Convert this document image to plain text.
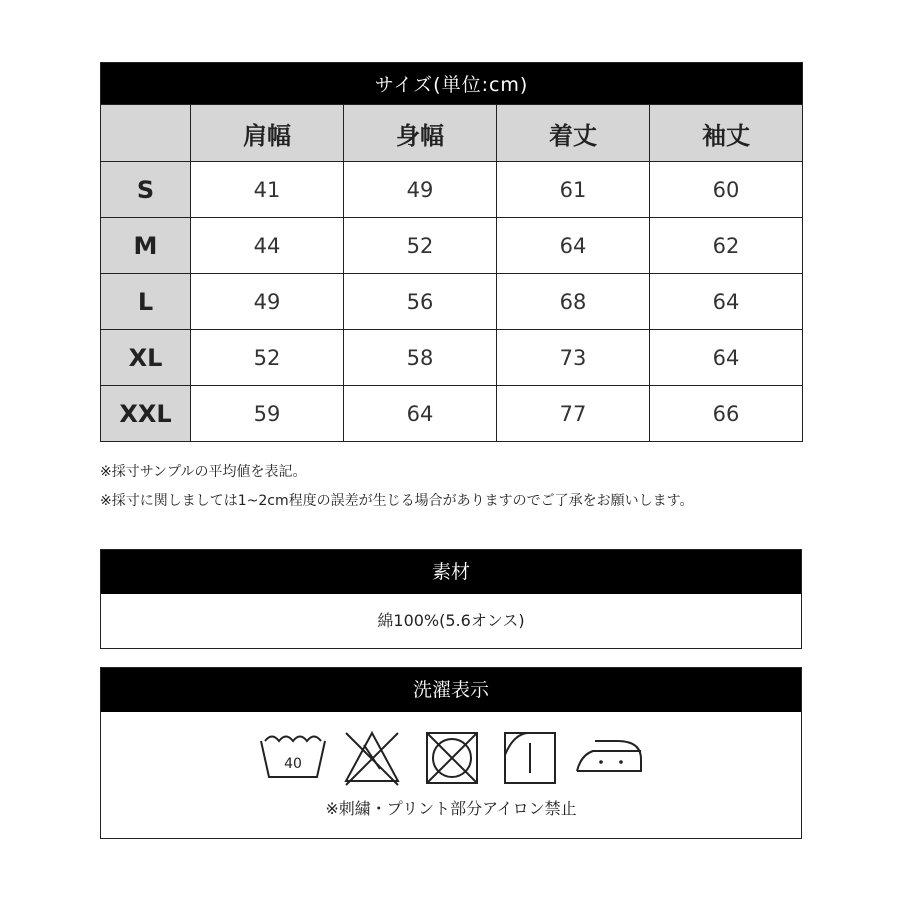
サイズ(単位:cm)				
	肩幅	身幅	着丈	袖丈
S	41	49	61	60
M	44	52	64	62
L	49	56	68	64
XL	52	58	73	64
XXL	59	64	77	66
※採寸サンプルの平均値を表記。
※採寸に関しましては1~2cm程度の誤差が生じる場合がありますのでご了承をお願いします。
素材
綿100%(5.6オンス)
洗濯表示
40
※刺繍・プリント部分アイロン禁止
